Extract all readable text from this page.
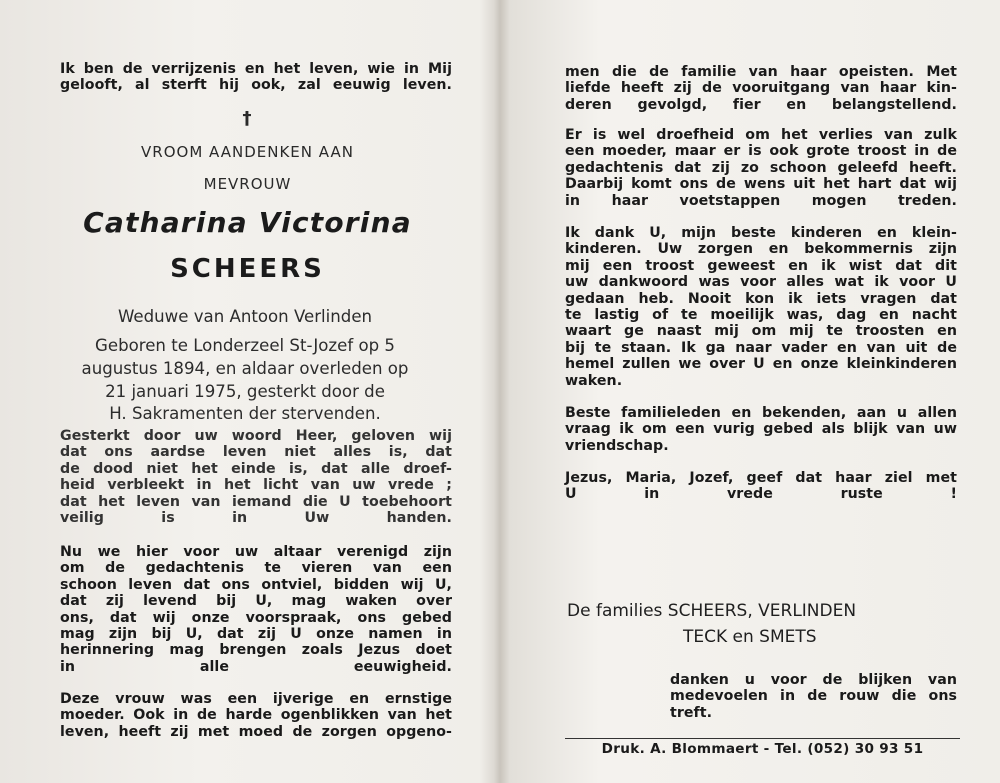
Ik ben de verrijzenis en het leven, wie in Mij
gelooft, al sterft hij ook, zal eeuwig leven.

†
VROOM AANDENKEN AAN
MEVROUW
Catharina Victorina
SCHEERS
Weduwe van Antoon Verlinden
Geboren te Londerzeel St-Jozef op 5
augustus 1894, en aldaar overleden op
21 januari 1975, gesterkt door de
H. Sakramenten der stervenden.

Gesterkt door uw woord Heer, geloven wij
dat ons aardse leven niet alles is, dat
de dood niet het einde is, dat alle droef-
heid verbleekt in het licht van uw vrede ;
dat het leven van iemand die U toebehoort
veilig is in Uw handen.

Nu we hier voor uw altaar verenigd zijn
om de gedachtenis te vieren van een
schoon leven dat ons ontviel, bidden wij U,
dat zij levend bij U, mag waken over
ons, dat wij onze voorspraak, ons gebed
mag zijn bij U, dat zij U onze namen in
herinnering mag brengen zoals Jezus doet
in alle eeuwigheid.

Deze vrouw was een ijverige en ernstige
moeder. Ook in de harde ogenblikken van het
leven, heeft zij met moed de zorgen opgeno-

men die de familie van haar opeisten. Met
liefde heeft zij de vooruitgang van haar kin-
deren gevolgd, fier en belangstellend.

Er is wel droefheid om het verlies van zulk
een moeder, maar er is ook grote troost in de
gedachtenis dat zij zo schoon geleefd heeft.
Daarbij komt ons de wens uit het hart dat wij
in haar voetstappen mogen treden.

Ik dank U, mijn beste kinderen en klein-
kinderen. Uw zorgen en bekommernis zijn
mij een troost geweest en ik wist dat dit
uw dankwoord was voor alles wat ik voor U
gedaan heb. Nooit kon ik iets vragen dat
te lastig of te moeilijk was, dag en nacht
waart ge naast mij om mij te troosten en
bij te staan. Ik ga naar vader en van uit de
hemel zullen we over U en onze kleinkinderen
waken.

Beste familieleden en bekenden, aan u allen
vraag ik om een vurig gebed als blijk van uw
vriendschap.

Jezus, Maria, Jozef, geef dat haar ziel met
U in vrede ruste !

De families SCHEERS, VERLINDEN
TECK en SMETS

danken u voor de blijken van
medevoelen in de rouw die ons
treft.

Druk. A. Blommaert - Tel. (052) 30 93 51
